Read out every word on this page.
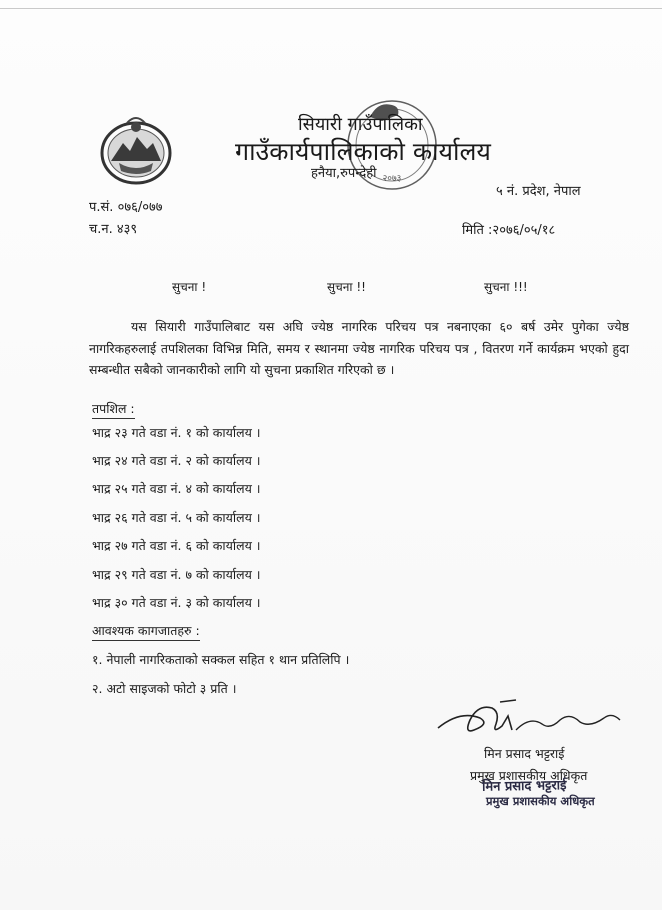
२०७३
सियारी गाउँपालिका
गाउँकार्यपालिकाको कार्यालय
हनैया,रुपन्देही
५ नं. प्रदेश, नेपाल
प.सं. ०७६/०७७
च.न. ४३९	मिति :२०७६/०५/१८
सुचना !	सुचना !!	सुचना !!!

यस सियारी गाउँपालिबाट यस अघि ज्येष्ठ नागरिक परिचय पत्र नबनाएका ६० बर्ष उमेर पुगेका ज्येष्ठ नागरिकहरुलाई तपशिलका विभिन्न मिति, समय र स्थानमा ज्येष्ठ नागरिक परिचय पत्र , वितरण गर्ने कार्यक्रम भएको हुदा सम्बन्धीत सबैको जानकारीको लागि यो सुचना प्रकाशित गरिएको छ ।

तपशिल :
भाद्र २३ गते वडा नं. १ को कार्यालय ।
भाद्र २४ गते वडा नं. २ को कार्यालय ।
भाद्र २५ गते वडा नं. ४ को कार्यालय ।
भाद्र २६ गते वडा नं. ५ को कार्यालय ।
भाद्र २७ गते वडा नं. ६ को कार्यालय ।
भाद्र २९ गते वडा नं. ७ को कार्यालय ।
भाद्र ३० गते वडा नं. ३ को कार्यालय ।
आवश्यक कागजातहरु :
१. नेपाली नागरिकताको सक्कल सहित १ थान प्रतिलिपि ।
२. अटो साइजको फोटो ३ प्रति ।
मिन प्रसाद भट्टराई
प्रमुख प्रशासकीय अधिकृत
मिन प्रसाद भट्टराई
प्रमुख प्रशासकीय अधिकृत
